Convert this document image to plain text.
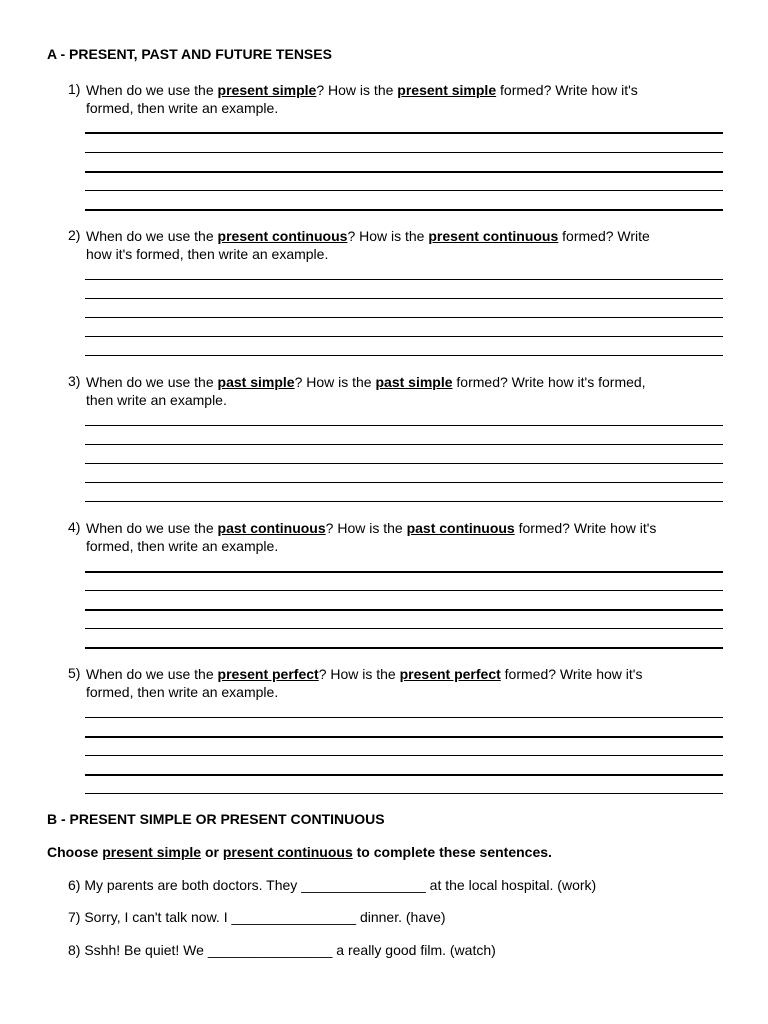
A - PRESENT, PAST AND FUTURE TENSES
1) When do we use the present simple? How is the present simple formed? Write how it's
formed, then write an example.
2) When do we use the present continuous? How is the present continuous formed? Write
how it's formed, then write an example.
3) When do we use the past simple? How is the past simple formed? Write how it's formed,
then write an example.
4) When do we use the past continuous? How is the past continuous formed? Write how it's
formed, then write an example.
5) When do we use the present perfect? How is the present perfect formed? Write how it's
formed, then write an example.
B - PRESENT SIMPLE OR PRESENT CONTINUOUS
Choose present simple or present continuous to complete these sentences.
6) My parents are both doctors. They ________________ at the local hospital. (work)
7) Sorry, I can't talk now. I ________________ dinner. (have)
8) Sshh! Be quiet! We ________________ a really good film. (watch)
